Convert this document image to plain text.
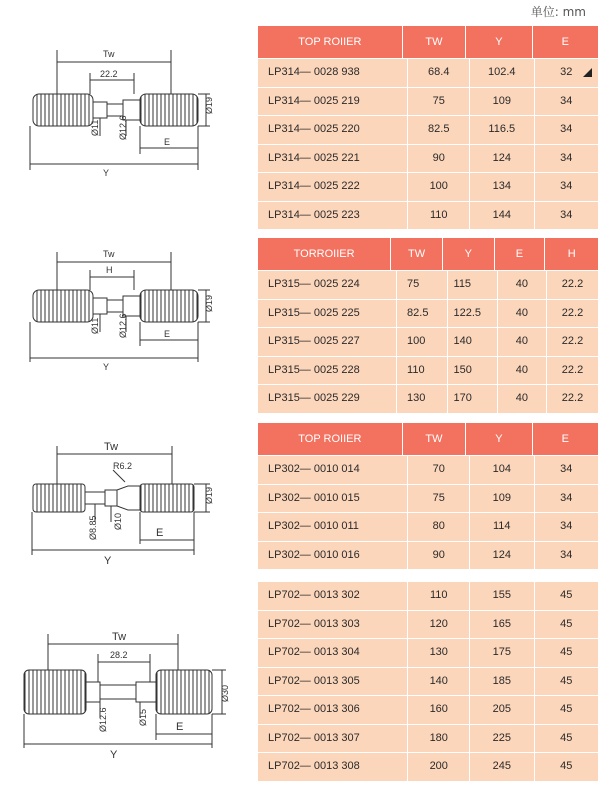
单位: mm
Tw
22.2
Ø19
Ø11 Ø12.6
E
Y
Tw
H
Ø19
Ø11 Ø12.6	E
Y
Tw
R6.2
Ø19
Ø8.85 Ø10
E
Y
Tw
28.2
Ø30
Ø12.6	Ø15
E
Y
TOP ROIIER	TW	Y	E
LP314— 0028 938	68.4	102.4	32
LP314— 0025 219	75	109	34
LP314— 0025 220	82.5	116.5	34
LP314— 0025 221	90	124	34
LP314— 0025 222	100	134	34
LP314— 0025 223	110	144	34
TORROIIER	TW	Y	E	H
LP315— 0025 224	75	115	40	22.2
LP315— 0025 225	82.5	122.5	40	22.2
LP315— 0025 227	100	140	40	22.2
LP315— 0025 228	110	150	40	22.2
LP315— 0025 229	130	170	40	22.2
TOP ROIIER	TW	Y	E
LP302— 0010 014	70	104	34
LP302— 0010 015	75	109	34
LP302— 0010 011	80	114	34
LP302— 0010 016	90	124	34
LP702— 0013 302	110	155	45
LP702— 0013 303	120	165	45
LP702— 0013 304	130	175	45
LP702— 0013 305	140	185	45
LP702— 0013 306	160	205	45
LP702— 0013 307	180	225	45
LP702— 0013 308	200	245	45
